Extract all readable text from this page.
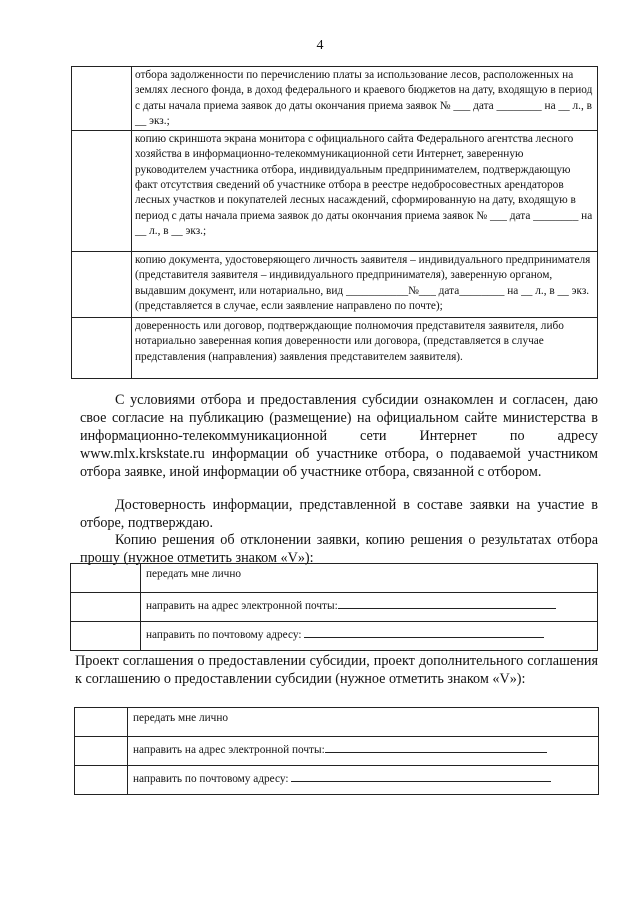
4
	отбора задолженности по перечислению платы за использование лесов, расположенных на землях лесного фонда, в доход федерального и краевого бюджетов на дату, входящую в период с даты начала приема заявок до даты окончания приема заявок № ___ дата ________ на __ л., в __ экз.;
	копию скриншота экрана монитора с официального сайта Федерального агентства лесного хозяйства в информационно-телекоммуникационной сети Интернет, заверенную руководителем участника отбора, индивидуальным предпринимателем, подтверждающую факт отсутствия сведений об участнике отбора в реестре недобросовестных арендаторов лесных участков и покупателей лесных насаждений, сформированную на дату, входящую в период с даты начала приема заявок до даты окончания приема заявок № ___ дата ________ на __ л., в __ экз.;
	копию документа, удостоверяющего личность заявителя – индивидуального предпринимателя (представителя заявителя – индивидуального предпринимателя), заверенную органом, выдавшим документ, или нотариально, вид ___________№___ дата________ на __ л., в __ экз. (представляется в случае, если заявление направлено по почте);
	доверенность или договор, подтверждающие полномочия представителя заявителя, либо нотариально заверенная копия доверенности или договора, (представляется в случае представления (направления) заявления представителем заявителя).
С условиями отбора и предоставления субсидии ознакомлен и согласен, даю свое согласие на публикацию (размещение) на официальном сайте министерства в информационно-телекоммуникационной сети Интернет по адресу www.mlx.krskstate.ru информации об участнике отбора, о подаваемой участником отбора заявке, иной информации об участнике отбора, связанной с отбором.
Достоверность информации, представленной в составе заявки на участие в отборе, подтверждаю.
Копию решения об отклонении заявки, копию решения о результатах отбора прошу (нужное отметить знаком «V»):
	передать мне лично
	направить на адрес электронной почты:
	направить по почтовому адресу:
Проект соглашения о предоставлении субсидии, проект дополнительного соглашения к соглашению о предоставлении субсидии (нужное отметить знаком «V»):
	передать мне лично
	направить на адрес электронной почты:
	направить по почтовому адресу:
